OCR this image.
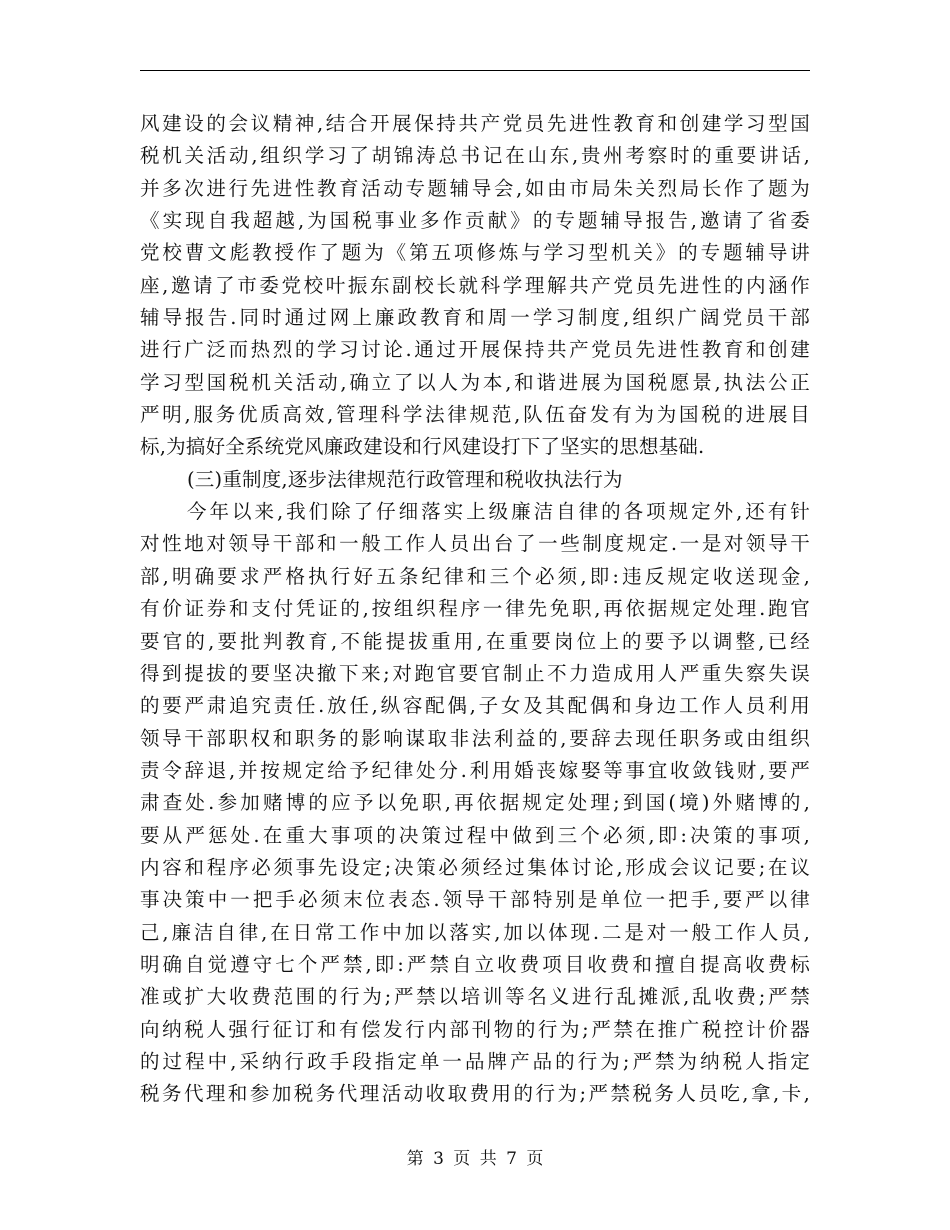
风建设的会议精神,结合开展保持共产党员先进性教育和创建学习型国
税机关活动,组织学习了胡锦涛总书记在山东,贵州考察时的重要讲话,
并多次进行先进性教育活动专题辅导会,如由市局朱关烈局长作了题为
《实现自我超越,为国税事业多作贡献》的专题辅导报告,邀请了省委
党校曹文彪教授作了题为《第五项修炼与学习型机关》的专题辅导讲
座,邀请了市委党校叶振东副校长就科学理解共产党员先进性的内涵作
辅导报告.同时通过网上廉政教育和周一学习制度,组织广阔党员干部
进行广泛而热烈的学习讨论.通过开展保持共产党员先进性教育和创建
学习型国税机关活动,确立了以人为本,和谐进展为国税愿景,执法公正
严明,服务优质高效,管理科学法律规范,队伍奋发有为为国税的进展目
标,为搞好全系统党风廉政建设和行风建设打下了坚实的思想基础.
(三)重制度,逐步法律规范行政管理和税收执法行为
今年以来,我们除了仔细落实上级廉洁自律的各项规定外,还有针
对性地对领导干部和一般工作人员出台了一些制度规定.一是对领导干
部,明确要求严格执行好五条纪律和三个必须,即:违反规定收送现金,
有价证券和支付凭证的,按组织程序一律先免职,再依据规定处理.跑官
要官的,要批判教育,不能提拔重用,在重要岗位上的要予以调整,已经
得到提拔的要坚决撤下来;对跑官要官制止不力造成用人严重失察失误
的要严肃追究责任.放任,纵容配偶,子女及其配偶和身边工作人员利用
领导干部职权和职务的影响谋取非法利益的,要辞去现任职务或由组织
责令辞退,并按规定给予纪律处分.利用婚丧嫁娶等事宜收敛钱财,要严
肃查处.参加赌博的应予以免职,再依据规定处理;到国(境)外赌博的,
要从严惩处.在重大事项的决策过程中做到三个必须,即:决策的事项,
内容和程序必须事先设定;决策必须经过集体讨论,形成会议记要;在议
事决策中一把手必须末位表态.领导干部特别是单位一把手,要严以律
己,廉洁自律,在日常工作中加以落实,加以体现.二是对一般工作人员,
明确自觉遵守七个严禁,即:严禁自立收费项目收费和擅自提高收费标
准或扩大收费范围的行为;严禁以培训等名义进行乱摊派,乱收费;严禁
向纳税人强行征订和有偿发行内部刊物的行为;严禁在推广税控计价器
的过程中,采纳行政手段指定单一品牌产品的行为;严禁为纳税人指定
税务代理和参加税务代理活动收取费用的行为;严禁税务人员吃,拿,卡,
第 3 页 共 7 页
